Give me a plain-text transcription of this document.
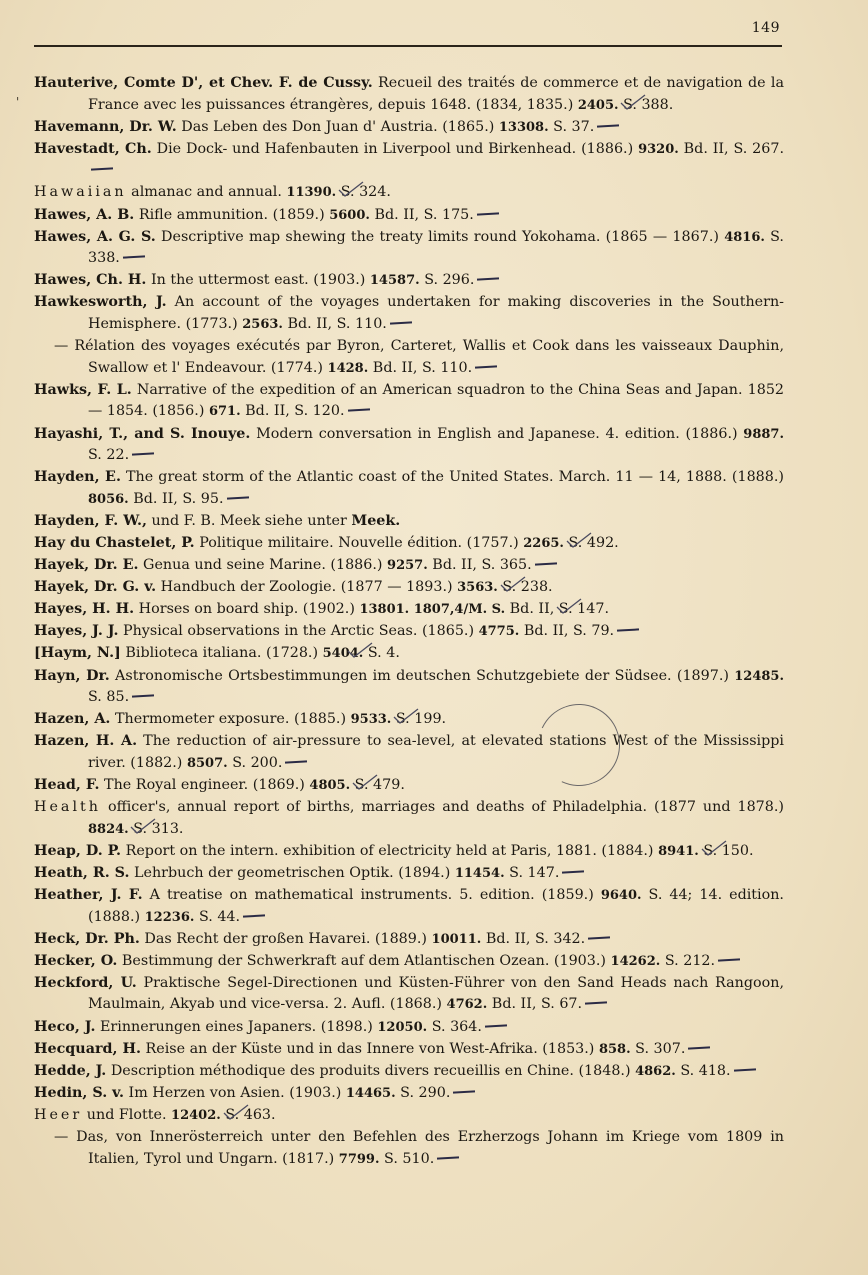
149
'

Hauterive, Comte D', et Chev. F. de Cussy. Recueil des traités de commerce et de navigation de la France avec les puissances étrangères, depuis 1648. (1834, 1835.) 2405. S. 388.

Havemann, Dr. W. Das Leben des Don Juan d' Austria. (1865.) 13308. S. 37.

Havestadt, Ch. Die Dock- und Hafenbauten in Liverpool und Birkenhead. (1886.) 9320. Bd. II, S. 267.

Hawaiian almanac and annual. 11390. S. 324.

Hawes, A. B. Rifle ammunition. (1859.) 5600. Bd. II, S. 175.

Hawes, A. G. S. Descriptive map shewing the treaty limits round Yokohama. (1865 — 1867.) 4816. S. 338.

Hawes, Ch. H. In the uttermost east. (1903.) 14587. S. 296.

Hawkesworth, J. An account of the voyages undertaken for making discoveries in the Southern-Hemisphere. (1773.) 2563. Bd. II, S. 110.

— Rélation des voyages exécutés par Byron, Carteret, Wallis et Cook dans les vaisseaux Dauphin, Swallow et l' Endeavour. (1774.) 1428. Bd. II, S. 110.

Hawks, F. L. Narrative of the expedition of an American squadron to the China Seas and Japan. 1852 — 1854. (1856.) 671. Bd. II, S. 120.

Hayashi, T., and S. Inouye. Modern conversation in English and Japanese. 4. edition. (1886.) 9887. S. 22.

Hayden, E. The great storm of the Atlantic coast of the United States. March. 11 — 14, 1888. (1888.) 8056. Bd. II, S. 95.

Hayden, F. W., und F. B. Meek siehe unter Meek.

Hay du Chastelet, P. Politique militaire. Nouvelle édition. (1757.) 2265. S. 492.

Hayek, Dr. E. Genua und seine Marine. (1886.) 9257. Bd. II, S. 365.

Hayek, Dr. G. v. Handbuch der Zoologie. (1877 — 1893.) 3563. S. 238.

Hayes, H. H. Horses on board ship. (1902.) 13801. 1807,4/M. S. Bd. II, S. 147.

Hayes, J. J. Physical observations in the Arctic Seas. (1865.) 4775. Bd. II, S. 79.

[Haym, N.] Biblioteca italiana. (1728.) 5404. S. 4.

Hayn, Dr. Astronomische Ortsbestimmungen im deutschen Schutzgebiete der Südsee. (1897.) 12485. S. 85.

Hazen, A. Thermometer exposure. (1885.) 9533. S. 199.

Hazen, H. A. The reduction of air-pressure to sea-level, at elevated stations West of the Mississippi river. (1882.) 8507. S. 200.

Head, F. The Royal engineer. (1869.) 4805. S. 479.

Health officer's, annual report of births, marriages and deaths of Philadelphia. (1877 und 1878.) 8824. S. 313.

Heap, D. P. Report on the intern. exhibition of electricity held at Paris, 1881. (1884.) 8941. S. 150.

Heath, R. S. Lehrbuch der geometrischen Optik. (1894.) 11454. S. 147.

Heather, J. F. A treatise on mathematical instruments. 5. edition. (1859.) 9640. S. 44; 14. edition. (1888.) 12236. S. 44.

Heck, Dr. Ph. Das Recht der großen Havarei. (1889.) 10011. Bd. II, S. 342.

Hecker, O. Bestimmung der Schwerkraft auf dem Atlantischen Ozean. (1903.) 14262. S. 212.

Heckford, U. Praktische Segel-Directionen und Küsten-Führer von den Sand Heads nach Rangoon, Maulmain, Akyab und vice-versa. 2. Aufl. (1868.) 4762. Bd. II, S. 67.

Heco, J. Erinnerungen eines Japaners. (1898.) 12050. S. 364.

Hecquard, H. Reise an der Küste und in das Innere von West-Afrika. (1853.) 858. S. 307.

Hedde, J. Description méthodique des produits divers recueillis en Chine. (1848.) 4862. S. 418.

Hedin, S. v. Im Herzen von Asien. (1903.) 14465. S. 290.

Heer und Flotte. 12402. S. 463.

— Das, von Innerösterreich unter den Befehlen des Erzherzogs Johann im Kriege vom 1809 in Italien, Tyrol und Ungarn. (1817.) 7799. S. 510.
